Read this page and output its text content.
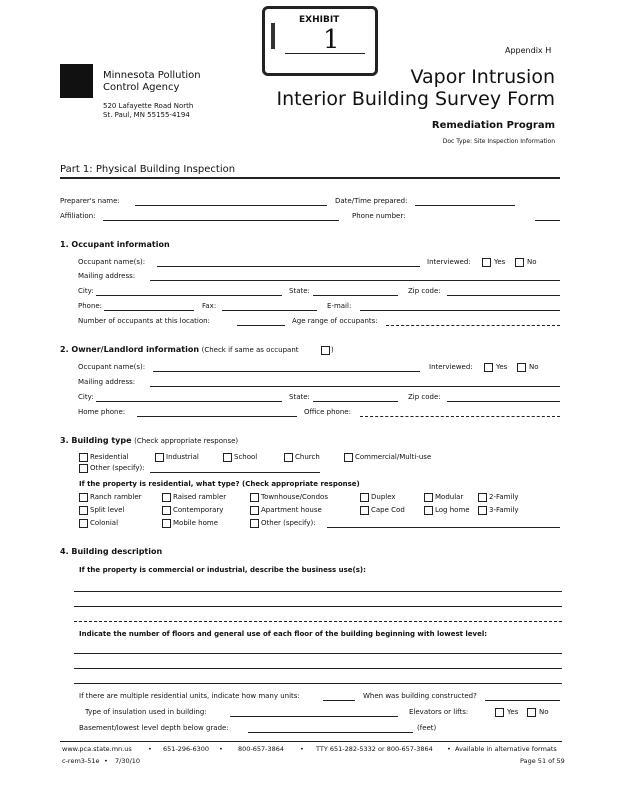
EXHIBIT
1	Appendix H
Minnesota Pollution
Control Agency
520 Lafayette Road North
St. Paul, MN 55155-4194
Vapor Intrusion
Interior Building Survey Form
Remediation Program
Doc Type: Site Inspection Information
Part 1: Physical Building Inspection
Preparer's name:	Date/Time prepared:
Affiliation:	Phone number:
1. Occupant information
Occupant name(s):	Interviewed:	Yes	No
Mailing address:
City:	State:	Zip code:
Phone:	Fax:	E-mail:
Number of occupants at this location:	Age range of occupants:
2. Owner/Landlord information (Check if same as occupant	)
Occupant name(s):	Interviewed:	Yes	No
Mailing address:
City:	State:	Zip code:
Home phone:	Office phone:
3. Building type (Check appropriate response)
Residential	Industrial	School	Church	Commercial/Multi-use
Other (specify):
If the property is residential, what type? (Check appropriate response)
Ranch rambler	Raised rambler	Townhouse/Condos	Duplex	Modular	2-Family
Split level	Contemporary	Apartment house	Cape Cod	Log home	3-Family
Colonial	Mobile home	Other (specify):
4. Building description
If the property is commercial or industrial, describe the business use(s):
Indicate the number of floors and general use of each floor of the building beginning with lowest level:
If there are multiple residential units, indicate how many units:	When was building constructed?
Type of insulation used in building:	Elevators or lifts:	Yes	No
Basement/lowest level depth below grade:	(feet)
www.pca.state.mn.us	• 651-296-6300 • 800-657-3864 • TTY 651-282-5332 or 800-657-3864 • Available in alternative formats
c-rem3-51e • 7/30/10	Page 51 of 59
